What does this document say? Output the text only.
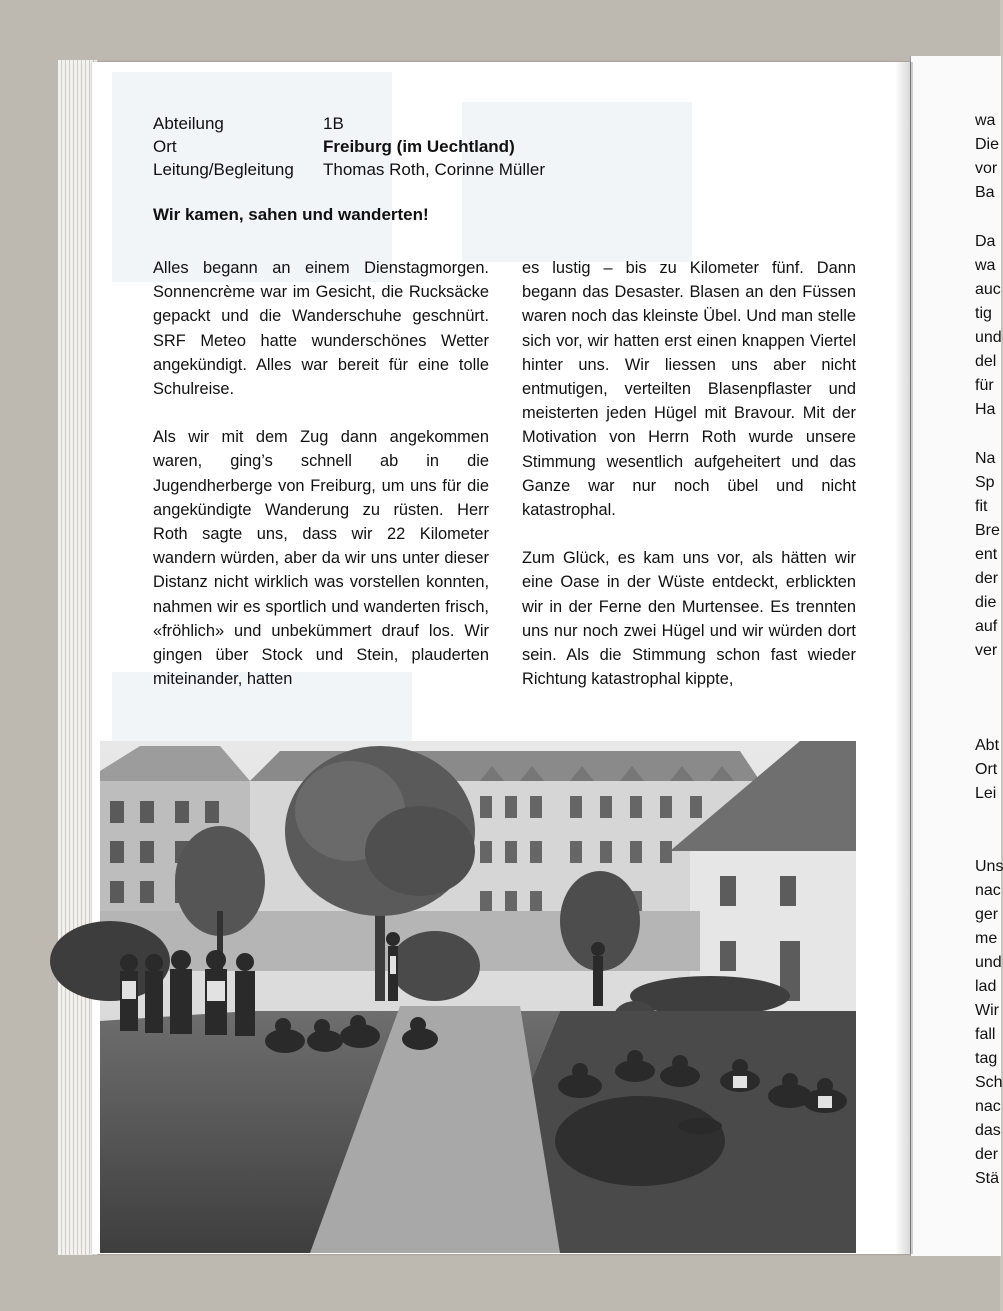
wa
Die
vor
Ba
Da
wa
auc
tig
und
del
für
Ha
Na
Sp
fit
Bre
ent
der
die
auf
ver
Abt
Ort
Lei
Uns
nac
ger
me
und
lad
Wir
fall
tag
Sch
nac
das
der
Stä
Abteilung	1B
Ort	Freiburg (im Uechtland)
Leitung/Begleitung	Thomas Roth, Corinne Müller
Wir kamen, sahen und wanderten!

Alles begann an einem Dienstagmorgen. Sonnencrème war im Gesicht, die Rucksäcke gepackt und die Wanderschuhe geschnürt. SRF Meteo hatte wunderschönes Wetter angekündigt. Alles war bereit für eine tolle Schulreise.

Als wir mit dem Zug dann angekommen waren, ging’s schnell ab in die Jugendherberge von Freiburg, um uns für die angekündigte Wanderung zu rüsten. Herr Roth sagte uns, dass wir 22 Kilometer wandern würden, aber da wir uns unter dieser Distanz nicht wirklich was vorstellen konnten, nahmen wir es sportlich und wanderten frisch, «fröhlich» und unbekümmert drauf los. Wir gingen über Stock und Stein, plauderten miteinander, hatten

es lustig – bis zu Kilometer fünf. Dann begann das Desaster. Blasen an den Füssen waren noch das kleinste Übel. Und man stelle sich vor, wir hatten erst einen knappen Viertel hinter uns. Wir liessen uns aber nicht entmutigen, verteilten Blasenpflaster und meisterten jeden Hügel mit Bravour. Mit der Motivation von Herrn Roth wurde unsere Stimmung wesentlich aufgeheitert und das Ganze war nur noch übel und nicht katastrophal.

Zum Glück, es kam uns vor, als hätten wir eine Oase in der Wüste entdeckt, erblickten wir in der Ferne den Murtensee. Es trennten uns nur noch zwei Hügel und wir würden dort sein. Als die Stimmung schon fast wieder Richtung katastrophal kippte,
